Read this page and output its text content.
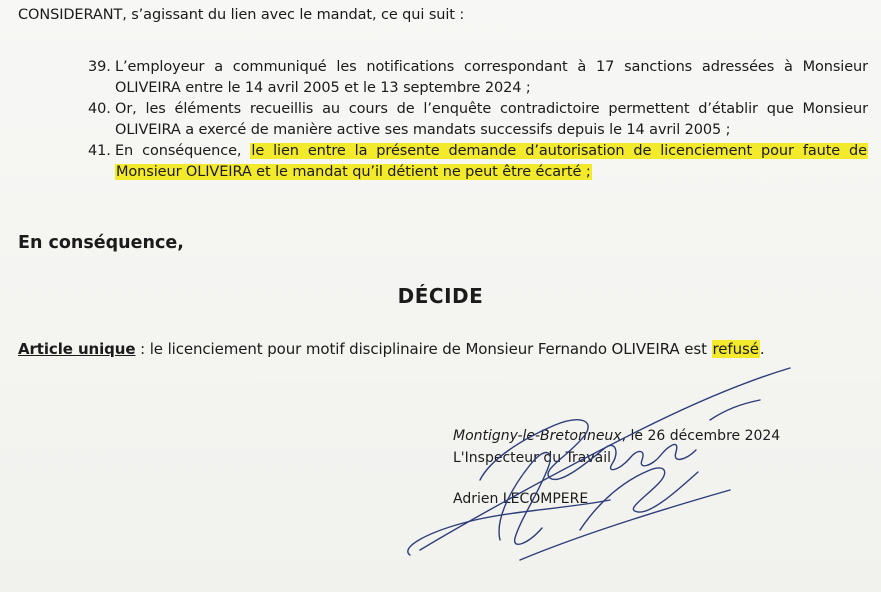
CONSIDERANT, s’agissant du lien avec le mandat, ce qui suit :
39. L’employeur a communiqué les notifications correspondant à 17 sanctions adressées à Monsieur OLIVEIRA entre le 14 avril 2005 et le 13 septembre 2024 ;
40. Or, les éléments recueillis au cours de l’enquête contradictoire permettent d’établir que Monsieur OLIVEIRA a exercé de manière active ses mandats successifs depuis le 14 avril 2005 ;
41. En conséquence, le lien entre la présente demande d’autorisation de licenciement pour faute de Monsieur OLIVEIRA et le mandat qu’il détient ne peut être écarté ;
En conséquence,
DÉCIDE
Article unique : le licenciement pour motif disciplinaire de Monsieur Fernando OLIVEIRA est refusé.
Montigny-le-Bretonneux, le 26 décembre 2024
L'Inspecteur du Travail
Adrien LECOMPERE
